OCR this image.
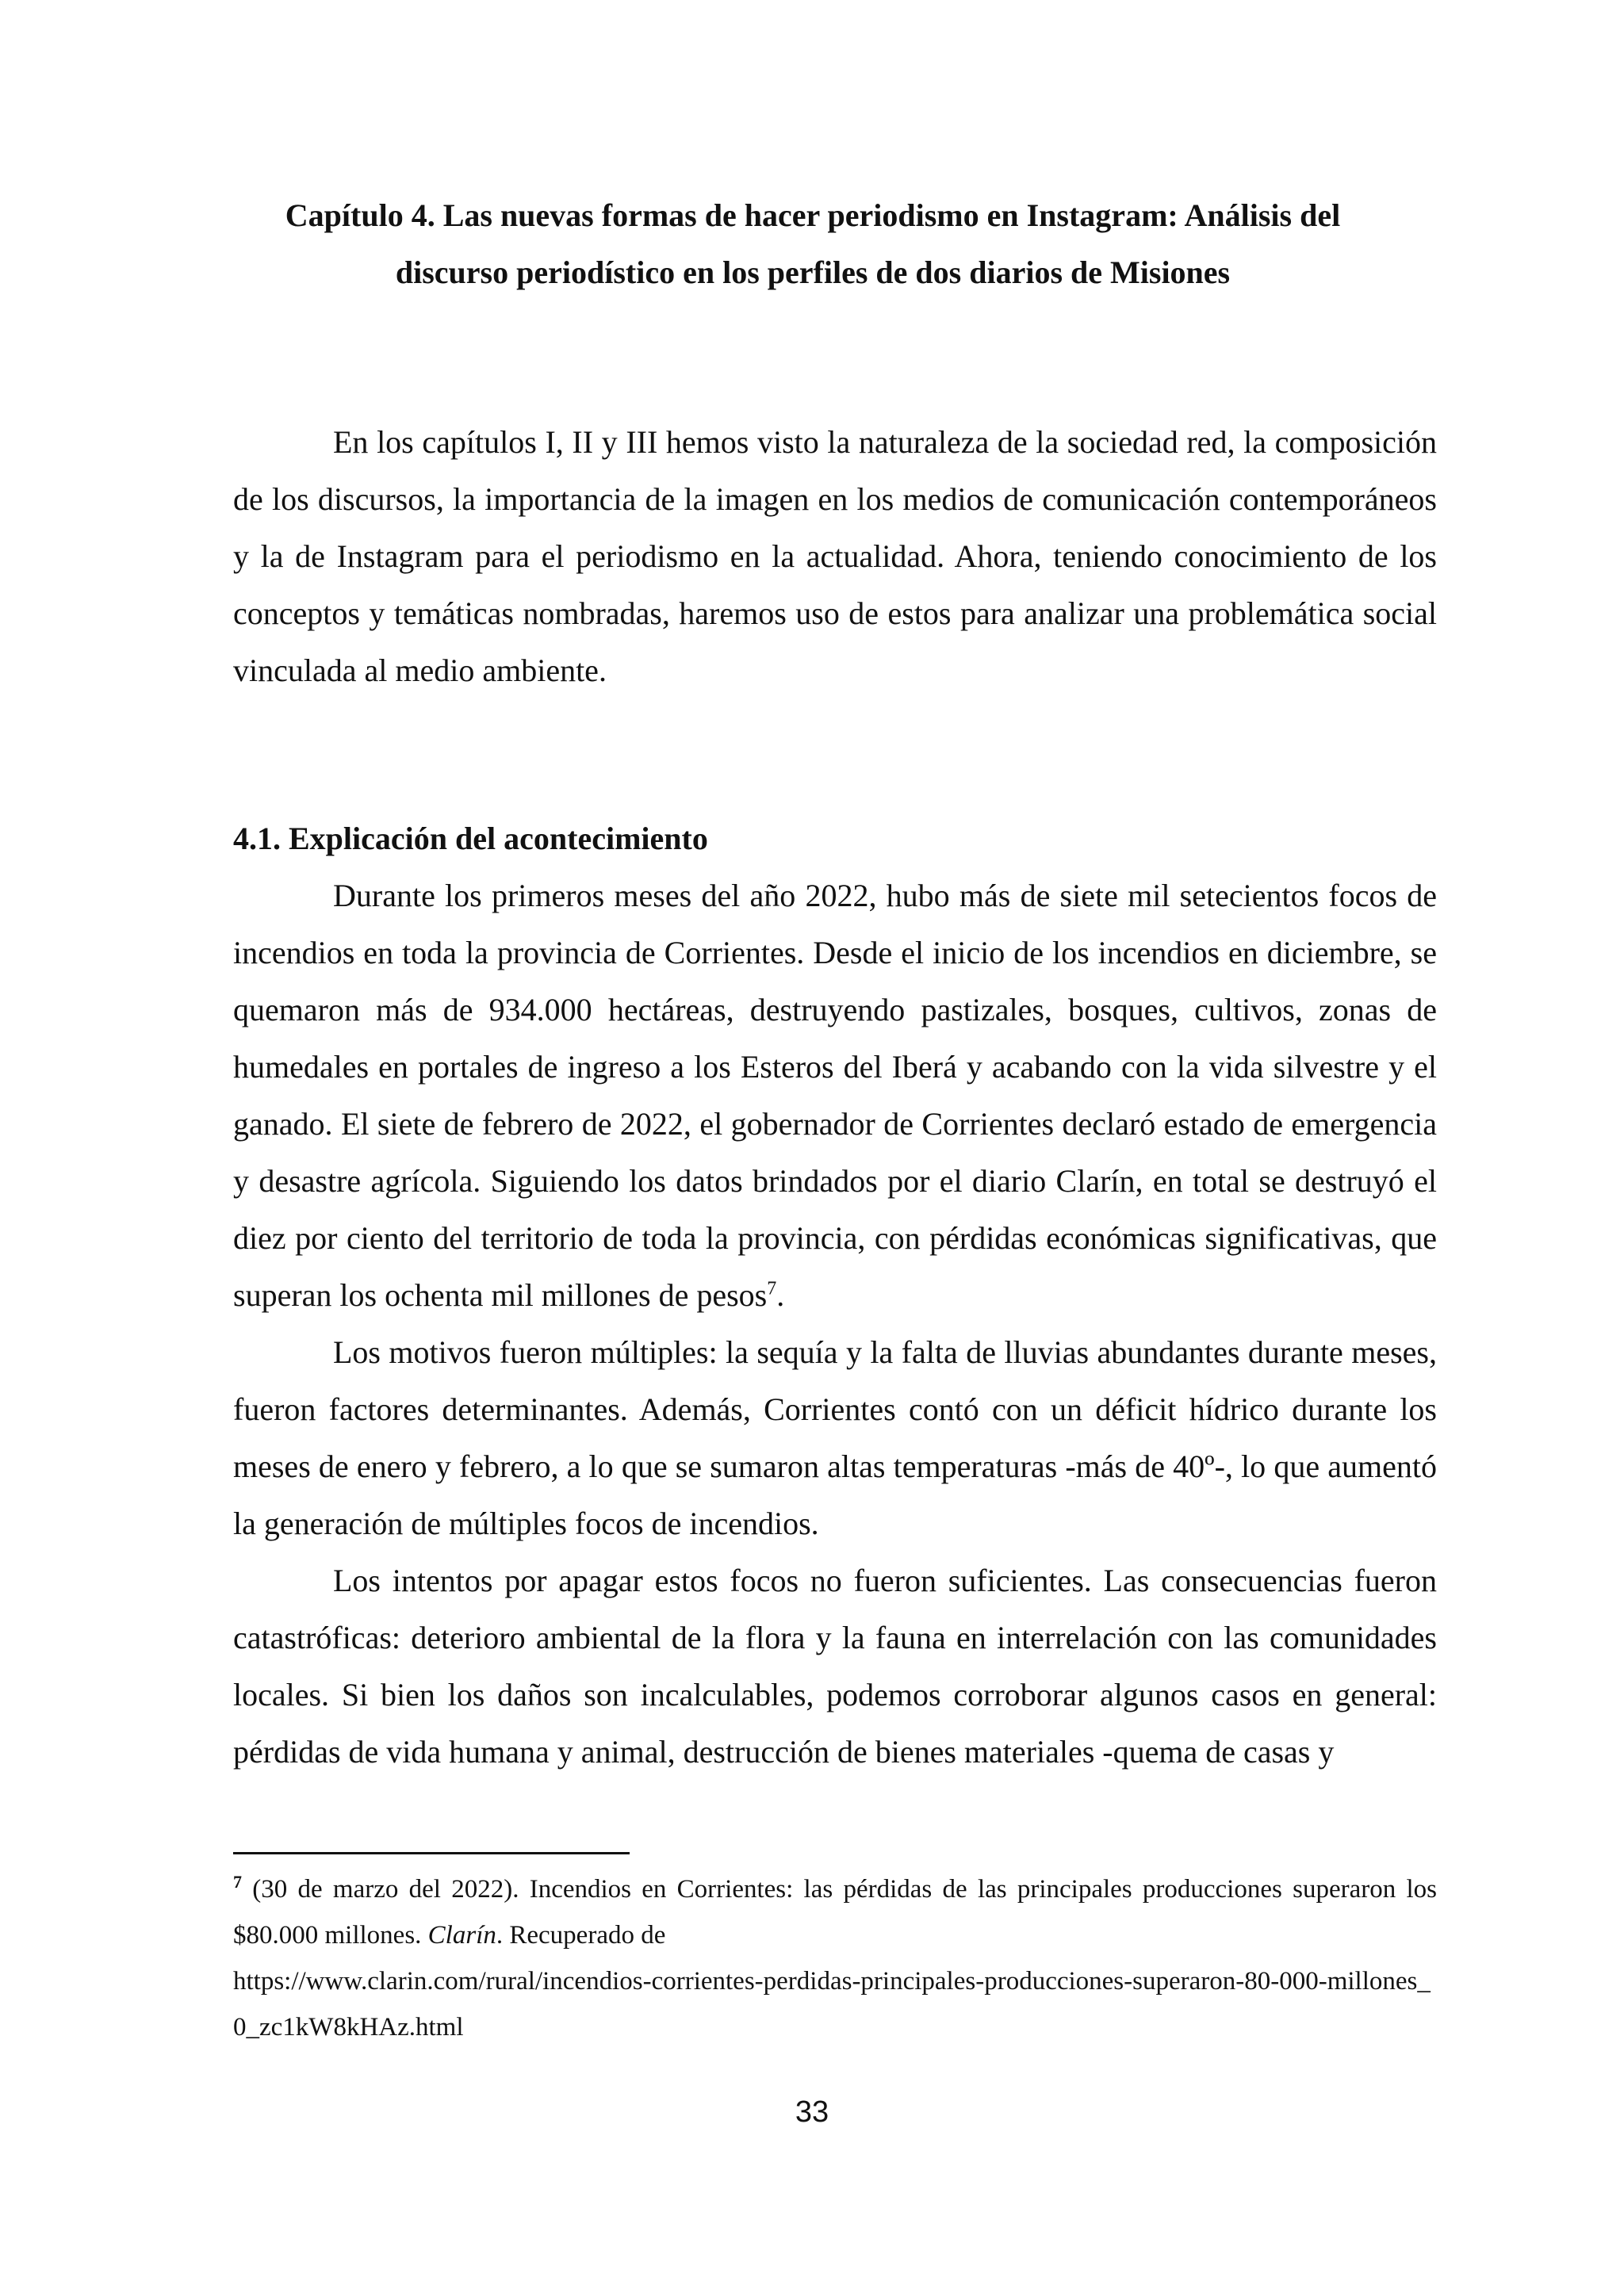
Capítulo 4. Las nuevas formas de hacer periodismo en Instagram: Análisis del
discurso periodístico en los perfiles de dos diarios de Misiones

En los capítulos I, II y III hemos visto la naturaleza de la sociedad red, la composición de los discursos, la importancia de la imagen en los medios de comunicación contemporáneos y la de Instagram para el periodismo en la actualidad. Ahora, teniendo conocimiento de los conceptos y temáticas nombradas, haremos uso de estos para analizar una problemática social vinculada al medio ambiente.

4.1. Explicación del acontecimiento

Durante los primeros meses del año 2022, hubo más de siete mil setecientos focos de incendios en toda la provincia de Corrientes. Desde el inicio de los incendios en diciembre, se quemaron más de 934.000 hectáreas, destruyendo pastizales, bosques, cultivos, zonas de humedales en portales de ingreso a los Esteros del Iberá y acabando con la vida silvestre y el ganado. El siete de febrero de 2022, el gobernador de Corrientes declaró estado de emergencia y desastre agrícola. Siguiendo los datos brindados por el diario Clarín, en total se destruyó el diez por ciento del territorio de toda la provincia, con pérdidas económicas significativas, que superan los ochenta mil millones de pesos$^7$.

Los motivos fueron múltiples: la sequía y la falta de lluvias abundantes durante meses, fueron factores determinantes. Además, Corrientes contó con un déficit hídrico durante los meses de enero y febrero, a lo que se sumaron altas temperaturas -más de 40º-, lo que aumentó la generación de múltiples focos de incendios.

Los intentos por apagar estos focos no fueron suficientes. Las consecuencias fueron catastróficas: deterioro ambiental de la flora y la fauna en interrelación con las comunidades locales. Si bien los daños son incalculables, podemos corroborar algunos casos en general: pérdidas de vida humana y animal, destrucción de bienes materiales -quema de casas y

$^7$ (30 de marzo del 2022). Incendios en Corrientes: las pérdidas de las principales producciones superaron los $80.000 millones. Clarín. Recuperado de
https://www.clarin.com/rural/incendios-corrientes-perdidas-principales-producciones-superaron-80-000-millones_0_zc1kW8kHAz.html
33
